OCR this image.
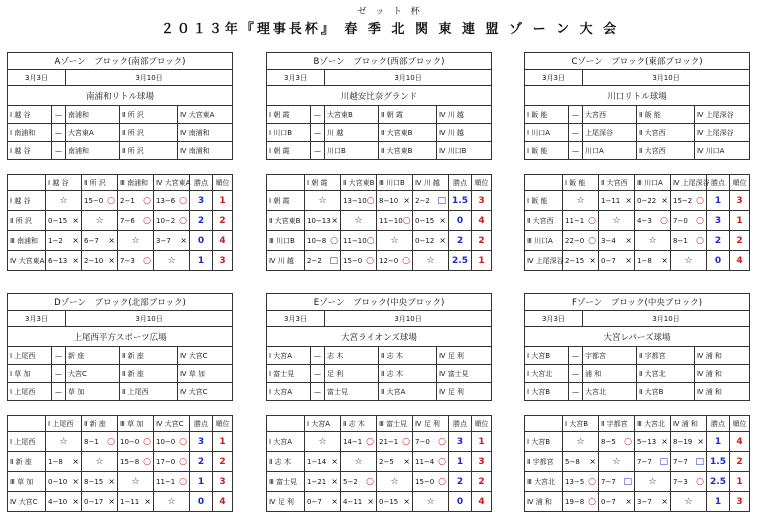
ゼ ッ ト 杯
２０１３年『理事長杯』 春 季 北 関 東 連 盟 ゾ ー ン 大 会
Aゾーン　ブロック(南部ブロック)				
3月3日		3月10日		
南浦和リトル球場				
Ⅰ 越 谷	—	南浦和	Ⅱ 所 沢	Ⅳ 大宮東A
Ⅰ 南浦和	—	大宮東A	Ⅱ 所 沢	Ⅳ 南浦和
Ⅰ 越 谷	—	南浦和	Ⅱ 所 沢	Ⅳ 南浦和
	Ⅰ 越 谷	Ⅱ 所 沢	Ⅲ 南浦和	Ⅳ 大宮東A	勝点	順位
Ⅰ 越 谷	☆	15−0 ○	2−1 ○	13−6 ○	3	1
Ⅱ 所 沢	0−15 ×	☆	7−6 ○	10−2 ○	2	2
Ⅲ 南浦和	1−2 ×	6−7 ×	☆	3−7 ×	0	4
Ⅳ 大宮東A	6−13 ×	2−10 ×	7−3 ○	☆	1	3
Bゾーン　ブロック(西部ブロック)				
3月3日		3月10日		
川越安比奈グランド				
Ⅰ 朝 霞	—	大宮東B	Ⅱ 朝 霞	Ⅳ 川 越
Ⅰ 川口B	—	川 越	Ⅱ 大宮東B	Ⅳ 川 越
Ⅰ 朝 霞	—	川口B	Ⅱ 大宮東B	Ⅳ 川口B
	Ⅰ 朝 霞	Ⅱ 大宮東B	Ⅲ 川口B	Ⅳ 川 越	勝点	順位
Ⅰ 朝 霞	☆	13−10 ○	8−10 ×	2−2 □	1.5	3
Ⅱ 大宮東B	10−13 ×	☆	11−10 ○	0−15 ×	0	4
Ⅲ 川口B	10−8 ○	11−10 ○	☆	0−12 ×	2	2
Ⅳ 川 越	2−2 □	15−0 ○	12−0 ○	☆	2.5	1
Cゾーン　ブロック(東部ブロック)				
3月3日		3月10日		
川口リトル球場				
Ⅰ 飯 能	—	大宮西	Ⅱ 飯 能	Ⅳ 上尾深谷
Ⅰ 川口A	—	上尾深谷	Ⅱ 大宮西	Ⅳ 上尾深谷
Ⅰ 飯 能	—	川口A	Ⅱ 大宮西	Ⅳ 川口A
	Ⅰ 飯 能	Ⅱ 大宮西	Ⅲ 川口A	Ⅳ 上尾深谷	勝点	順位
Ⅰ 飯 能	☆	1−11 ×	0−22 ×	15−2 ○	1	3
Ⅱ 大宮西	11−1 ○	☆	4−3 ○	7−0 ○	3	1
Ⅲ 川口A	22−0 ○	3−4 ×	☆	8−1 ○	2	2
Ⅳ 上尾深谷	2−15 ×	0−7 ×	1−8 ×	☆	0	4
Dゾーン　ブロック(北部ブロック)				
3月3日		3月10日		
上尾西平方スポーツ広場				
Ⅰ 上尾西	—	新 座	Ⅱ 新 座	Ⅳ 大宮C
Ⅰ 草 加	—	大宮C	Ⅱ 新 座	Ⅳ 草 加
Ⅰ 上尾西	—	草 加	Ⅱ 上尾西	Ⅳ 大宮C
	Ⅰ 上尾西	Ⅱ 新 座	Ⅲ 草 加	Ⅳ 大宮C	勝点	順位
Ⅰ 上尾西	☆	8−1 ○	10−0 ○	10−0 ○	3	1
Ⅱ 新 座	1−8 ×	☆	15−8 ○	17−0 ○	2	2
Ⅲ 草 加	0−10 ×	8−15 ×	☆	11−1 ○	1	3
Ⅳ 大宮C	4−10 ×	0−17 ×	1−11 ×	☆	0	4
Eゾーン　ブロック(中央ブロック)				
3月3日		3月10日		
大宮ライオンズ球場				
Ⅰ 大宮A	—	志 木	Ⅱ 志 木	Ⅳ 足 利
Ⅰ 富士見	—	足 利	Ⅱ 志 木	Ⅳ 富士見
Ⅰ 大宮A	—	富士見	Ⅱ 大宮A	Ⅳ 足 利
	Ⅰ 大宮A	Ⅱ 志 木	Ⅲ 富士見	Ⅳ 足 利	勝点	順位
Ⅰ 大宮A	☆	14−1 ○	21−1 ○	7−0 ○	3	1
Ⅱ 志 木	1−14 ×	☆	2−5 ×	11−4 ○	1	3
Ⅲ 富士見	1−21 ×	5−2 ○	☆	15−0 ○	2	2
Ⅳ 足 利	0−7 ×	4−11 ×	0−15 ×	☆	0	4
Fゾーン　ブロック(中央ブロック)				
3月3日		3月10日		
大宮レパーズ球場				
Ⅰ 大宮B	—	宇都宮	Ⅱ 宇都宮	Ⅳ 浦 和
Ⅰ 大宮北	—	浦 和	Ⅱ 大宮北	Ⅳ 浦 和
Ⅰ 大宮B	—	大宮北	Ⅱ 大宮B	Ⅳ 浦 和
	Ⅰ 大宮B	Ⅱ 宇都宮	Ⅲ 大宮北	Ⅳ 浦 和	勝点	順位
Ⅰ 大宮B	☆	8−5 ○	5−13 ×	8−19 ×	1	4
Ⅱ 宇都宮	5−8 ×	☆	7−7 □	7−7 □	1.5	2
Ⅲ 大宮北	13−5 ○	7−7 □	☆	7−3 ○	2.5	1
Ⅳ 浦 和	19−8 ○	0−7 ×	3−7 ×	☆	1	3
